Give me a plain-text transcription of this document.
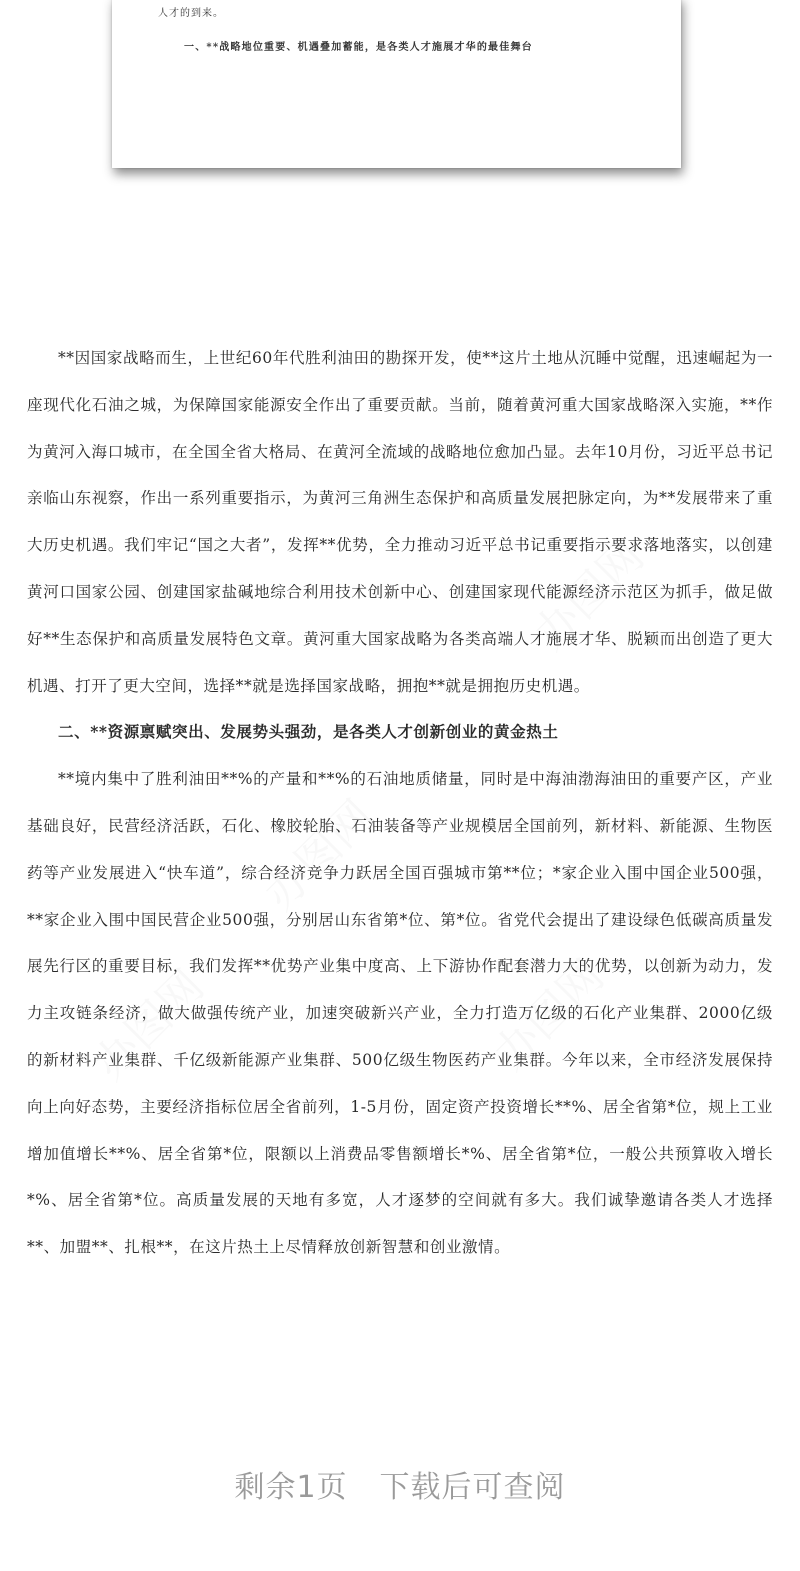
人才的到来。
一、**战略地位重要、机遇叠加蓄能，是各类人才施展才华的最佳舞台
办图网
办图网
办图网	办图网

**因国家战略而生，上世纪60年代胜利油田的勘探开发，使**这片土地从沉睡中觉醒，迅速崛起为一座现代化石油之城，为保障国家能源安全作出了重要贡献。当前，随着黄河重大国家战略深入实施，**作为黄河入海口城市，在全国全省大格局、在黄河全流域的战略地位愈加凸显。去年10月份，习近平总书记亲临山东视察，作出一系列重要指示，为黄河三角洲生态保护和高质量发展把脉定向，为**发展带来了重大历史机遇。我们牢记“国之大者”，发挥**优势，全力推动习近平总书记重要指示要求落地落实，以创建黄河口国家公园、创建国家盐碱地综合利用技术创新中心、创建国家现代能源经济示范区为抓手，做足做好**生态保护和高质量发展特色文章。黄河重大国家战略为各类高端人才施展才华、脱颖而出创造了更大机遇、打开了更大空间，选择**就是选择国家战略，拥抱**就是拥抱历史机遇。

二、**资源禀赋突出、发展势头强劲，是各类人才创新创业的黄金热土

**境内集中了胜利油田**%的产量和**%的石油地质储量，同时是中海油渤海油田的重要产区，产业基础良好，民营经济活跃，石化、橡胶轮胎、石油装备等产业规模居全国前列，新材料、新能源、生物医药等产业发展进入“快车道”，综合经济竞争力跃居全国百强城市第**位；*家企业入围中国企业500强，**家企业入围中国民营企业500强，分别居山东省第*位、第*位。省党代会提出了建设绿色低碳高质量发展先行区的重要目标，我们发挥**优势产业集中度高、上下游协作配套潜力大的优势，以创新为动力，发力主攻链条经济，做大做强传统产业，加速突破新兴产业，全力打造万亿级的石化产业集群、2000亿级的新材料产业集群、千亿级新能源产业集群、500亿级生物医药产业集群。今年以来，全市经济发展保持向上向好态势，主要经济指标位居全省前列，1-5月份，固定资产投资增长**%、居全省第*位，规上工业增加值增长**%、居全省第*位，限额以上消费品零售额增长*%、居全省第*位，一般公共预算收入增长*%、居全省第*位。高质量发展的天地有多宽，人才逐梦的空间就有多大。我们诚挚邀请各类人才选择**、加盟**、扎根**，在这片热土上尽情释放创新智慧和创业激情。

剩余1页 下载后可查阅
